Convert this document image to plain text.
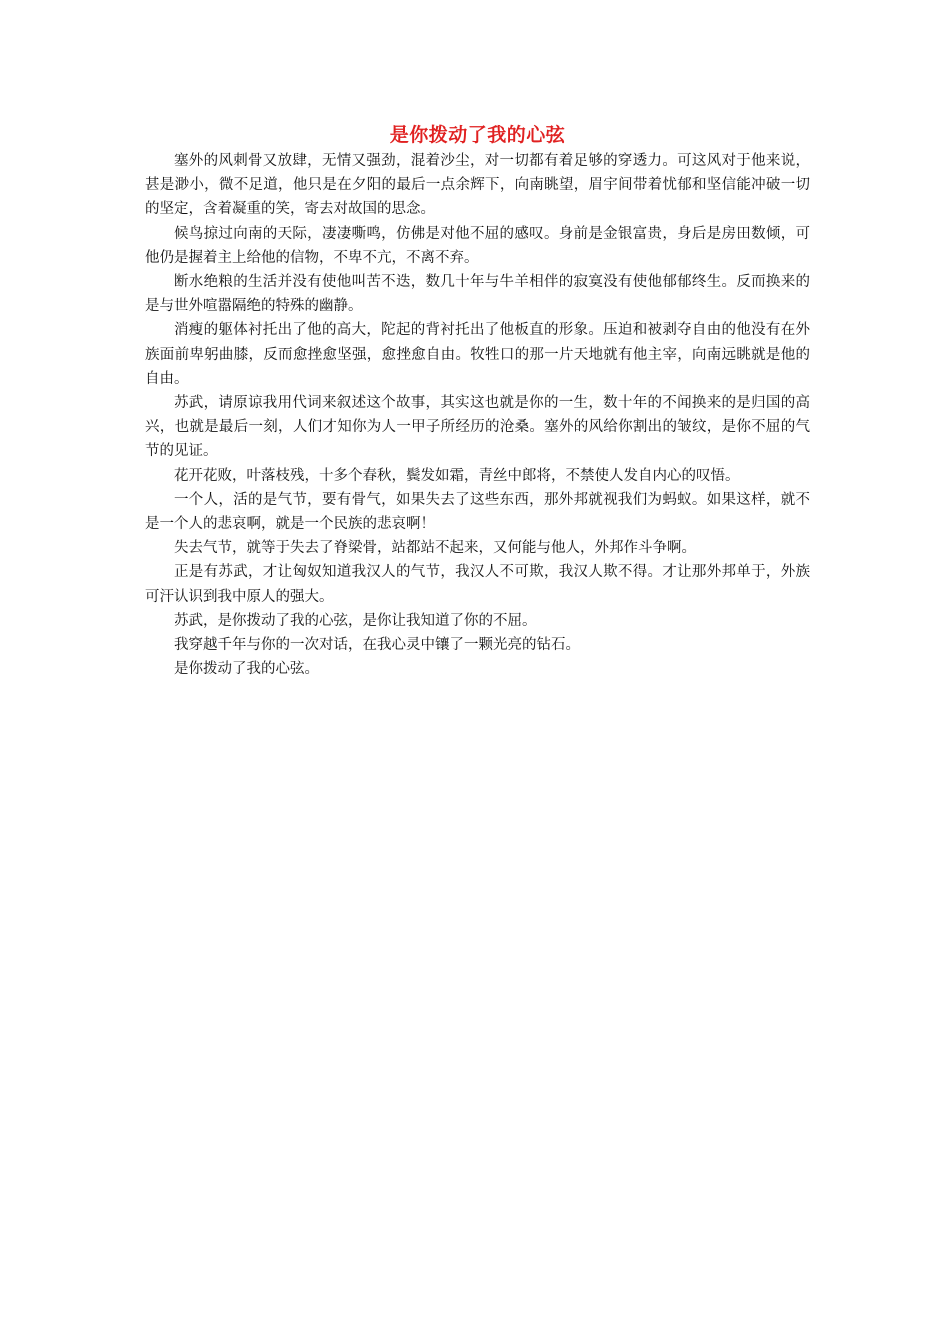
是你拨动了我的心弦

塞外的风刺骨又放肆，无情又强劲，混着沙尘，对一切都有着足够的穿透力。可这风对于他来说，甚是渺小，微不足道，他只是在夕阳的最后一点余辉下，向南眺望，眉宇间带着忧郁和坚信能冲破一切的坚定，含着凝重的笑，寄去对故国的思念。

候鸟掠过向南的天际，凄凄嘶鸣，仿佛是对他不屈的感叹。身前是金银富贵，身后是房田数倾，可他仍是握着主上给他的信物，不卑不亢，不离不弃。

断水绝粮的生活并没有使他叫苦不迭，数几十年与牛羊相伴的寂寞没有使他郁郁终生。反而换来的是与世外喧嚣隔绝的特殊的幽静。

消瘦的躯体衬托出了他的高大，陀起的背衬托出了他板直的形象。压迫和被剥夺自由的他没有在外族面前卑躬曲膝，反而愈挫愈坚强，愈挫愈自由。牧牲口的那一片天地就有他主宰，向南远眺就是他的自由。

苏武，请原谅我用代词来叙述这个故事，其实这也就是你的一生，数十年的不闻换来的是归国的高兴，也就是最后一刻，人们才知你为人一甲子所经历的沧桑。塞外的风给你割出的皱纹，是你不屈的气节的见证。

花开花败，叶落枝残，十多个春秋，鬓发如霜，青丝中郎将，不禁使人发自内心的叹悟。

一个人，活的是气节，要有骨气，如果失去了这些东西，那外邦就视我们为蚂蚁。如果这样，就不是一个人的悲哀啊，就是一个民族的悲哀啊！

失去气节，就等于失去了脊梁骨，站都站不起来，又何能与他人，外邦作斗争啊。

正是有苏武，才让匈奴知道我汉人的气节，我汉人不可欺，我汉人欺不得。才让那外邦单于，外族可汗认识到我中原人的强大。

苏武，是你拨动了我的心弦，是你让我知道了你的不屈。

我穿越千年与你的一次对话，在我心灵中镶了一颗光亮的钻石。

是你拨动了我的心弦。
